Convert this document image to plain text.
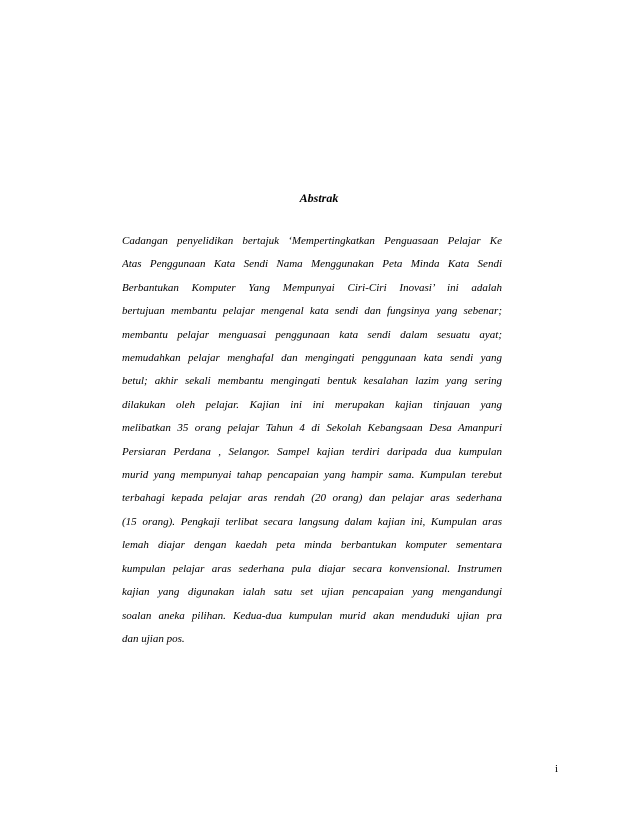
Abstrak
Cadangan penyelidikan bertajuk ‘Mempertingkatkan Penguasaan Pelajar Ke
Atas Penggunaan Kata Sendi Nama Menggunakan Peta Minda Kata Sendi
Berbantukan Komputer Yang Mempunyai Ciri-Ciri Inovasi’ ini adalah
bertujuan membantu pelajar mengenal kata sendi dan fungsinya yang sebenar;
membantu pelajar menguasai penggunaan kata sendi dalam sesuatu ayat;
memudahkan pelajar menghafal dan mengingati penggunaan kata sendi yang
betul; akhir sekali membantu mengingati bentuk kesalahan lazim yang sering
dilakukan oleh pelajar. Kajian ini ini merupakan kajian tinjauan yang
melibatkan 35 orang pelajar Tahun 4 di Sekolah Kebangsaan Desa Amanpuri
Persiaran Perdana , Selangor. Sampel kajian terdiri daripada dua kumpulan
murid yang mempunyai tahap pencapaian yang hampir sama. Kumpulan terebut
terbahagi kepada pelajar aras rendah (20 orang) dan pelajar aras sederhana
(15 orang). Pengkaji terlibat secara langsung dalam kajian ini, Kumpulan aras
lemah diajar dengan kaedah peta minda berbantukan komputer sementara
kumpulan pelajar aras sederhana pula diajar secara konvensional. Instrumen
kajian yang digunakan ialah satu set ujian pencapaian yang mengandungi
soalan aneka pilihan. Kedua-dua kumpulan murid akan menduduki ujian pra
dan ujian pos.
i
